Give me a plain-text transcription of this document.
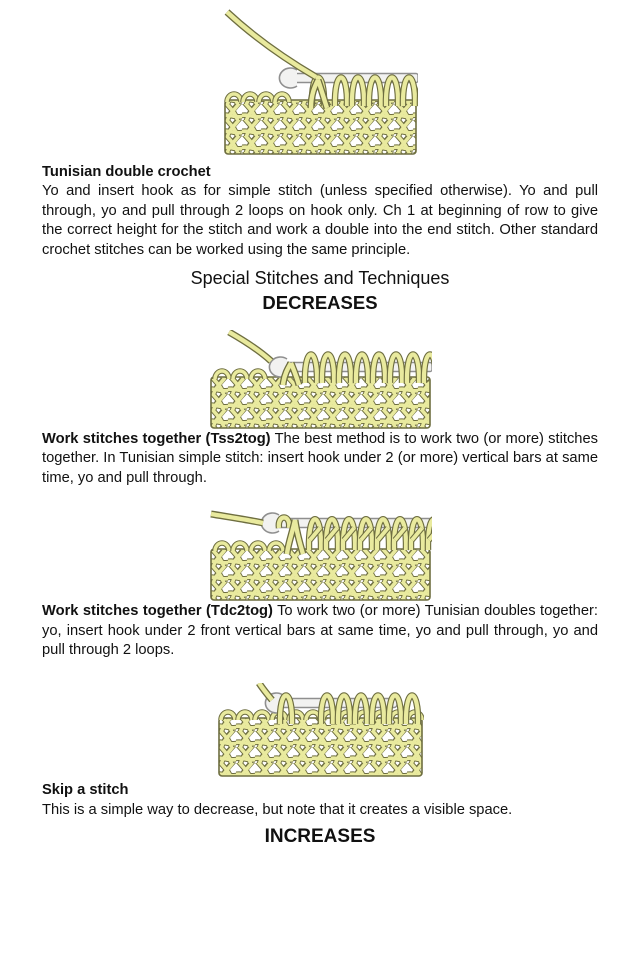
Tunisian double crochet

Yo and insert hook as for simple stitch (unless specified otherwise). Yo and pull through, yo and pull through 2 loops on hook only. Ch 1 at beginning of row to give the correct height for the stitch and work a double into the end stitch. Other standard crochet stitches can be worked using the same principle.

Special Stitches and Techniques
DECREASES

Work stitches together (Tss2tog) The best method is to work two (or more) stitches together. In Tunisian simple stitch: insert hook under 2 (or more) vertical bars at same time, yo and pull through.

Work stitches together (Tdc2tog) To work two (or more) Tunisian doubles together: yo, insert hook under 2 front vertical bars at same time, yo and pull through, yo and pull through 2 loops.

Skip a stitch

This is a simple way to decrease, but note that it creates a visible space.

INCREASES
